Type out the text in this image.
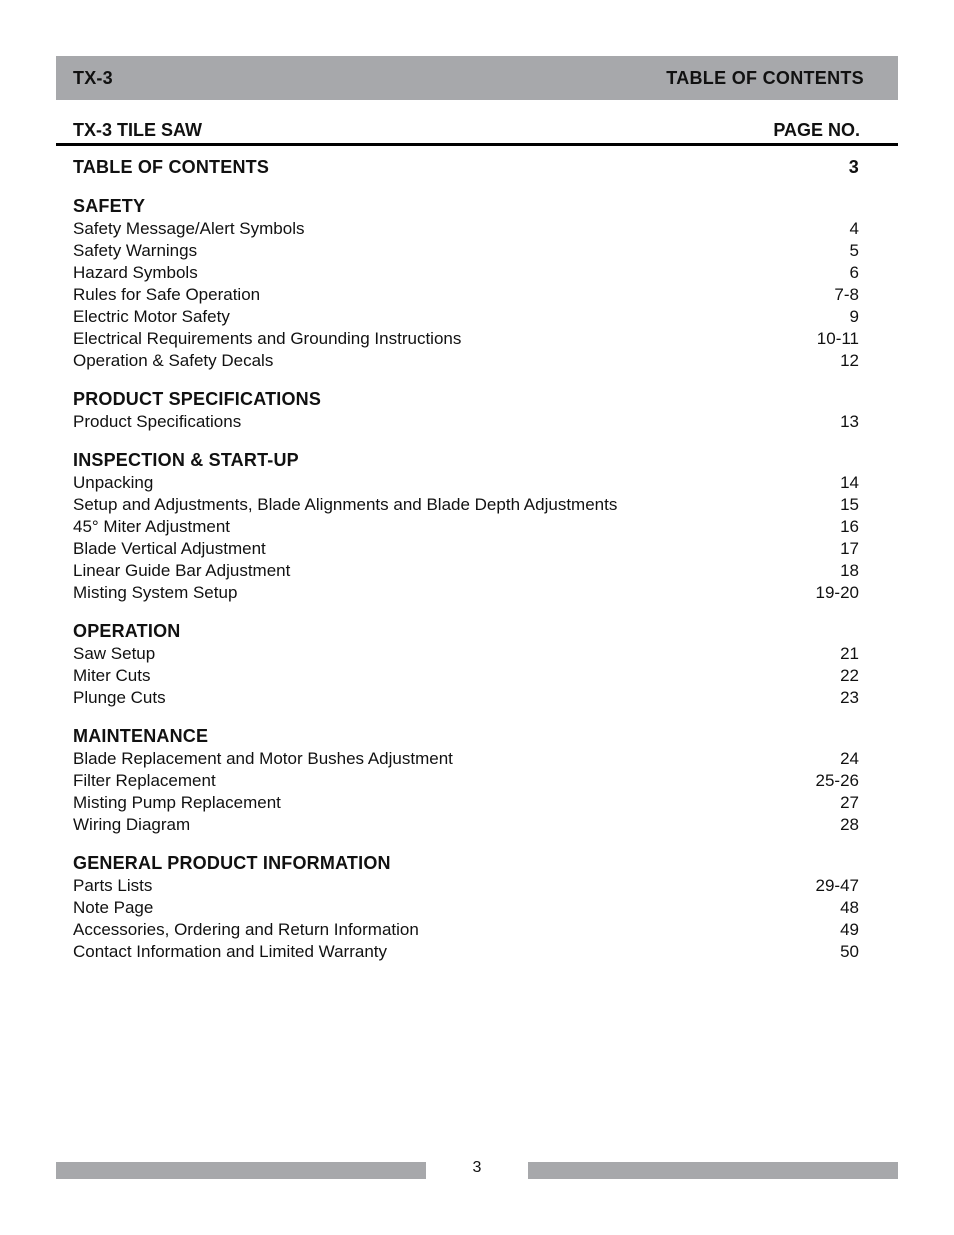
TX-3	TABLE OF CONTENTS
TX-3 TILE SAW	PAGE NO.
TABLE OF CONTENTS	3
SAFETY
Safety Message/Alert Symbols	4
Safety Warnings	5
Hazard Symbols	6
Rules for Safe Operation	7-8
Electric Motor Safety	9
Electrical Requirements and Grounding Instructions	10-11
Operation & Safety Decals	12
PRODUCT SPECIFICATIONS
Product Specifications	13
INSPECTION & START-UP
Unpacking	14
Setup and Adjustments, Blade Alignments and Blade Depth Adjustments	15
45° Miter Adjustment	16
Blade Vertical Adjustment	17
Linear Guide Bar Adjustment	18
Misting System Setup	19-20
OPERATION
Saw Setup	21
Miter Cuts	22
Plunge Cuts	23
MAINTENANCE
Blade Replacement and Motor Bushes Adjustment	24
Filter Replacement	25-26
Misting Pump Replacement	27
Wiring Diagram	28
GENERAL PRODUCT INFORMATION
Parts Lists	29-47
Note Page	48
Accessories, Ordering and Return Information	49
Contact Information and Limited Warranty	50
3
